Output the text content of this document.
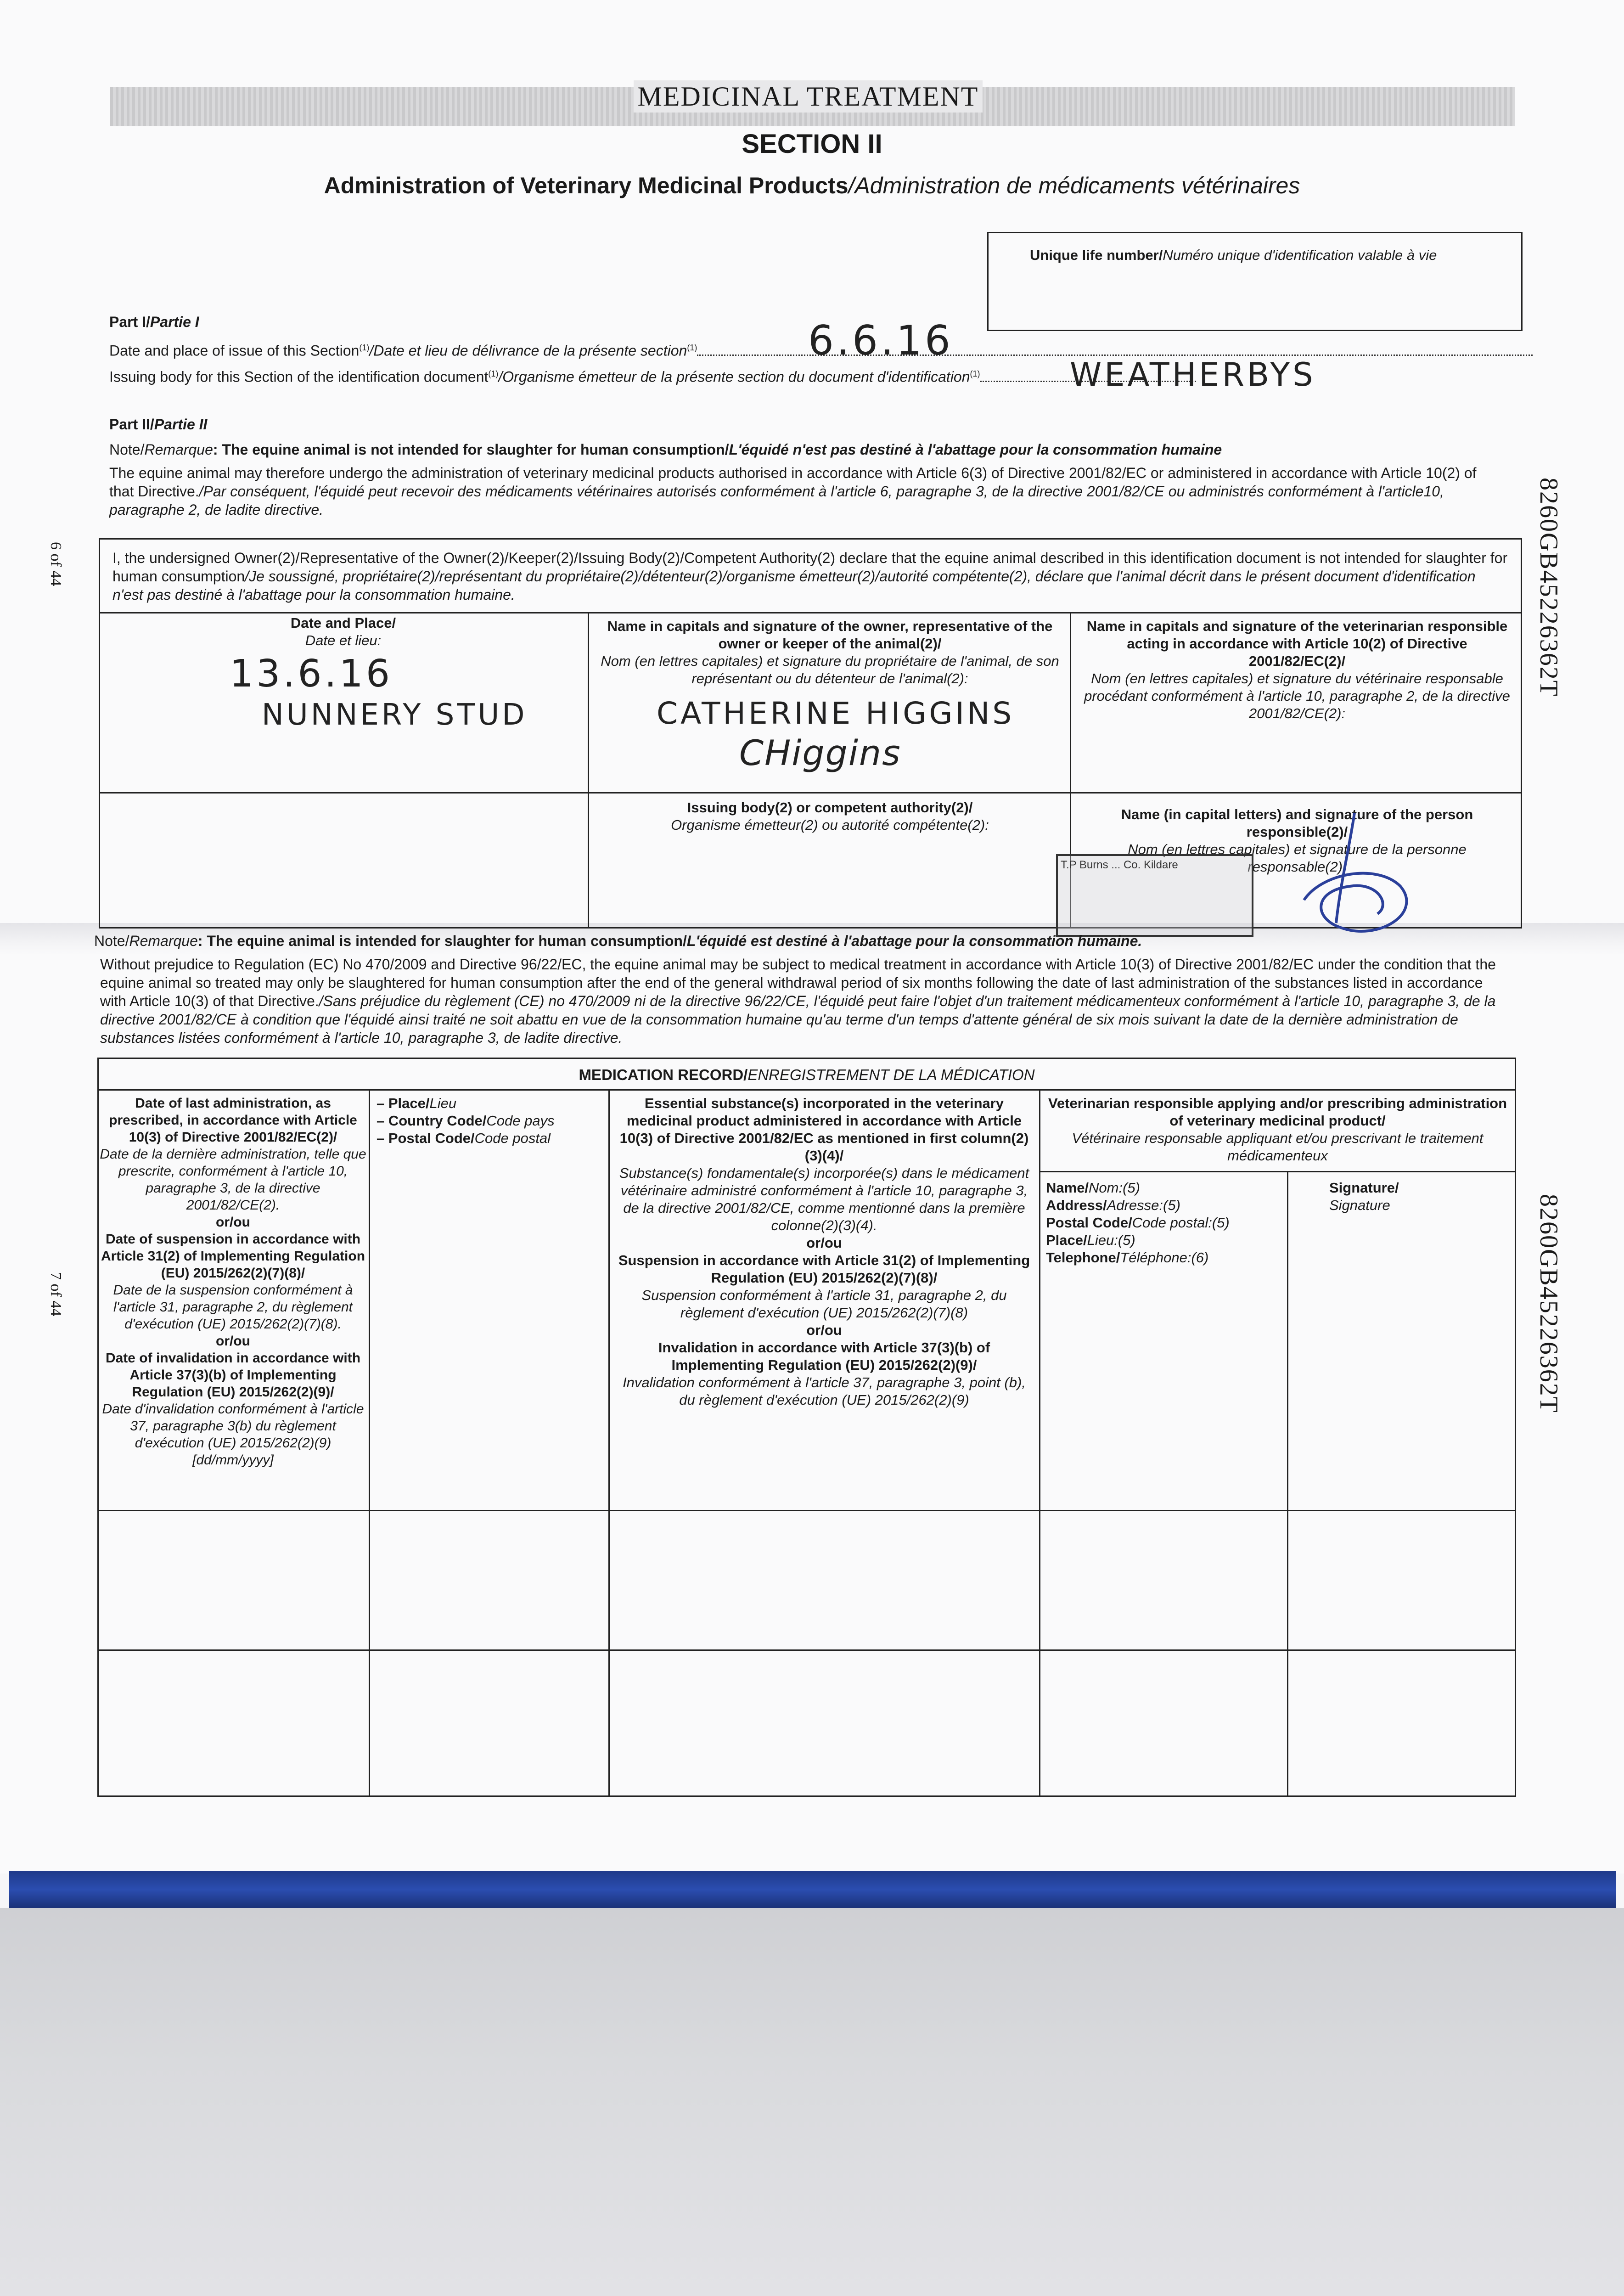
MEDICINAL TREATMENT
SECTION II
Administration of Veterinary Medicinal Products/Administration de médicaments vétérinaires
Unique life number/Numéro unique d'identification valable à vie
Part I/Partie I
Date and place of issue of this Section$^{(1)}$/Date et lieu de délivrance de la présente section$^{(1)}$	6.6.16
Issuing body for this Section of the identification document$^{(1)}$/Organisme émetteur de la présente section du document d'identification$^{(1)}$	WEATHERBYS
Part II/Partie II
Note/Remarque: The equine animal is not intended for slaughter for human consumption/L'équidé n'est pas destiné à l'abattage pour la consommation humaine
The equine animal may therefore undergo the administration of veterinary medicinal products authorised in accordance with Article 6(3) of Directive 2001/82/EC or administered in accordance with Article 10(2) of that Directive./Par conséquent, l'équidé peut recevoir des médicaments vétérinaires autorisés conformément à l'article 6, paragraphe 3, de la directive 2001/82/CE ou administrés conformément à l'article10, paragraphe 2, de ladite directive.
I, the undersigned Owner(2)/Representative of the Owner(2)/Keeper(2)/Issuing Body(2)/Competent Authority(2) declare that the equine animal described in this identification document is not intended for slaughter for human consumption/Je soussigné, propriétaire(2)/représentant du propriétaire(2)/détenteur(2)/organisme émetteur(2)/autorité compétente(2), déclare que l'animal décrit dans le présent document d'identification n'est pas destiné à l'abattage pour la consommation humaine.
Date and Place/
Date et lieu:
13.6.16
NUNNERY STUD
Name in capitals and signature of the owner, representative of the owner or keeper of the animal(2)/
Nom (en lettres capitales) et signature du propriétaire de l'animal, de son représentant ou du détenteur de l'animal(2):
CATHERINE HIGGINS
CHiggins
Name in capitals and signature of the veterinarian responsible acting in accordance with Article 10(2) of Directive 2001/82/EC(2)/
Nom (en lettres capitales) et signature du vétérinaire responsable procédant conformément à l'article 10, paragraphe 2, de la directive 2001/82/CE(2):
Issuing body(2) or competent authority(2)/
Organisme émetteur(2) ou autorité compétente(2):
Name (in capital letters) and signature of the person responsible(2)/
Nom (en lettres capitales) et signature de la personne responsable(2):
T.P Burns ... Co. Kildare
Note/Remarque: The equine animal is intended for slaughter for human consumption/L'équidé est destiné à l'abattage pour la consommation humaine.
Without prejudice to Regulation (EC) No 470/2009 and Directive 96/22/EC, the equine animal may be subject to medical treatment in accordance with Article 10(3) of Directive 2001/82/EC under the condition that the equine animal so treated may only be slaughtered for human consumption after the end of the general withdrawal period of six months following the date of last administration of the substances listed in accordance with Article 10(3) of that Directive./Sans préjudice du règlement (CE) no 470/2009 ni de la directive 96/22/CE, l'équidé peut faire l'objet d'un traitement médicamenteux conformément à l'article 10, paragraphe 3, de la directive 2001/82/CE à condition que l'équidé ainsi traité ne soit abattu en vue de la consommation humaine qu'au terme d'un temps d'attente général de six mois suivant la date de la dernière administration de substances listées conformément à l'article 10, paragraphe 3, de ladite directive.
MEDICATION RECORD/ENREGISTREMENT DE LA MÉDICATION
Date of last administration, as prescribed, in accordance with Article 10(3) of Directive 2001/82/EC(2)/
Date de la dernière administration, telle que prescrite, conformément à l'article 10, paragraphe 3, de la directive 2001/82/CE(2).
or/ou
Date of suspension in accordance with Article 31(2) of Implementing Regulation (EU) 2015/262(2)(7)(8)/
Date de la suspension conformément à l'article 31, paragraphe 2, du règlement d'exécution (UE) 2015/262(2)(7)(8).
or/ou
Date of invalidation in accordance with Article 37(3)(b) of Implementing Regulation (EU) 2015/262(2)(9)/
Date d'invalidation conformément à l'article 37, paragraphe 3(b) du règlement d'exécution (UE) 2015/262(2)(9)
[dd/mm/yyyy]
– Place/Lieu
– Country Code/Code pays
– Postal Code/Code postal
Essential substance(s) incorporated in the veterinary medicinal product administered in accordance with Article 10(3) of Directive 2001/82/EC as mentioned in first column(2)(3)(4)/
Substance(s) fondamentale(s) incorporée(s) dans le médicament vétérinaire administré conformément à l'article 10, paragraphe 3, de la directive 2001/82/CE, comme mentionné dans la première colonne(2)(3)(4).
or/ou
Suspension in accordance with Article 31(2) of Implementing Regulation (EU) 2015/262(2)(7)(8)/
Suspension conformément à l'article 31, paragraphe 2, du règlement d'exécution (UE) 2015/262(2)(7)(8)
or/ou
Invalidation in accordance with Article 37(3)(b) of Implementing Regulation (EU) 2015/262(2)(9)/
Invalidation conformément à l'article 37, paragraphe 3, point (b), du règlement d'exécution (UE) 2015/262(2)(9)
Veterinarian responsible applying and/or prescribing administration of veterinary medicinal product/
Vétérinaire responsable appliquant et/ou prescrivant le traitement médicamenteux
Name/Nom:(5)
Address/Adresse:(5)
Postal Code/Code postal:(5)
Place/Lieu:(5)
Telephone/Téléphone:(6)
Signature/
Signature
8260GB45226362T
8260GB45226362T
6 of 44
7 of 44
